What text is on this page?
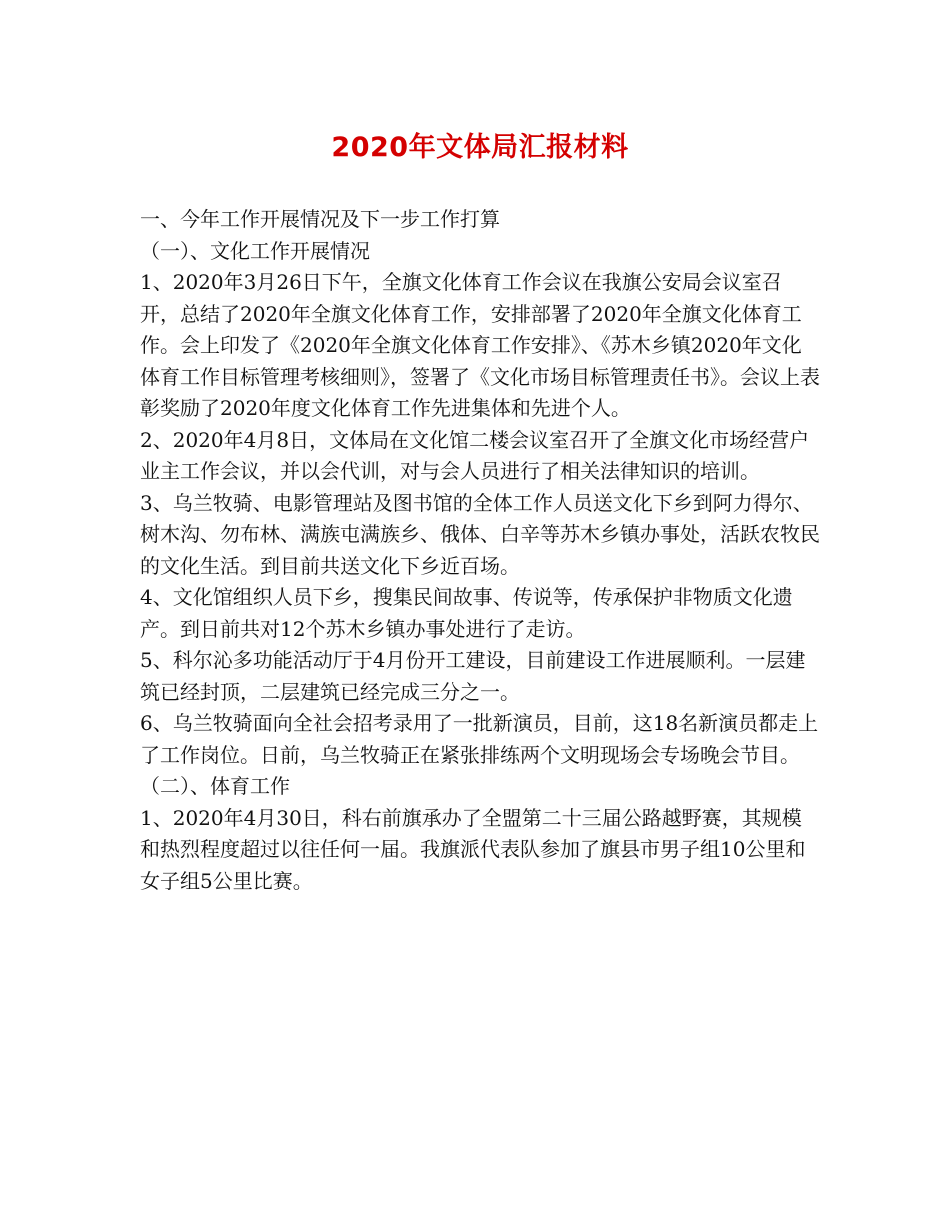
2020年文体局汇报材料

一、今年工作开展情况及下一步工作打算

（一）、文化工作开展情况

1、2020年3月26日下午，全旗文化体育工作会议在我旗公安局会议室召开，总结了2020年全旗文化体育工作，安排部署了2020年全旗文化体育工作。会上印发了《2020年全旗文化体育工作安排》、《苏木乡镇2020年文化体育工作目标管理考核细则》，签署了《文化市场目标管理责任书》。会议上表彰奖励了2020年度文化体育工作先进集体和先进个人。

2、2020年4月8日，文体局在文化馆二楼会议室召开了全旗文化市场经营户业主工作会议，并以会代训，对与会人员进行了相关法律知识的培训。

3、乌兰牧骑、电影管理站及图书馆的全体工作人员送文化下乡到阿力得尔、树木沟、勿布林、满族屯满族乡、俄体、白辛等苏木乡镇办事处，活跃农牧民的文化生活。到目前共送文化下乡近百场。

4、文化馆组织人员下乡，搜集民间故事、传说等，传承保护非物质文化遗产。到日前共对12个苏木乡镇办事处进行了走访。

5、科尔沁多功能活动厅于4月份开工建设，目前建设工作进展顺利。一层建筑已经封顶，二层建筑已经完成三分之一。

6、乌兰牧骑面向全社会招考录用了一批新演员，目前，这18名新演员都走上了工作岗位。日前，乌兰牧骑正在紧张排练两个文明现场会专场晚会节目。

（二）、体育工作

1、2020年4月30日，科右前旗承办了全盟第二十三届公路越野赛，其规模和热烈程度超过以往任何一届。我旗派代表队参加了旗县市男子组10公里和女子组5公里比赛。
